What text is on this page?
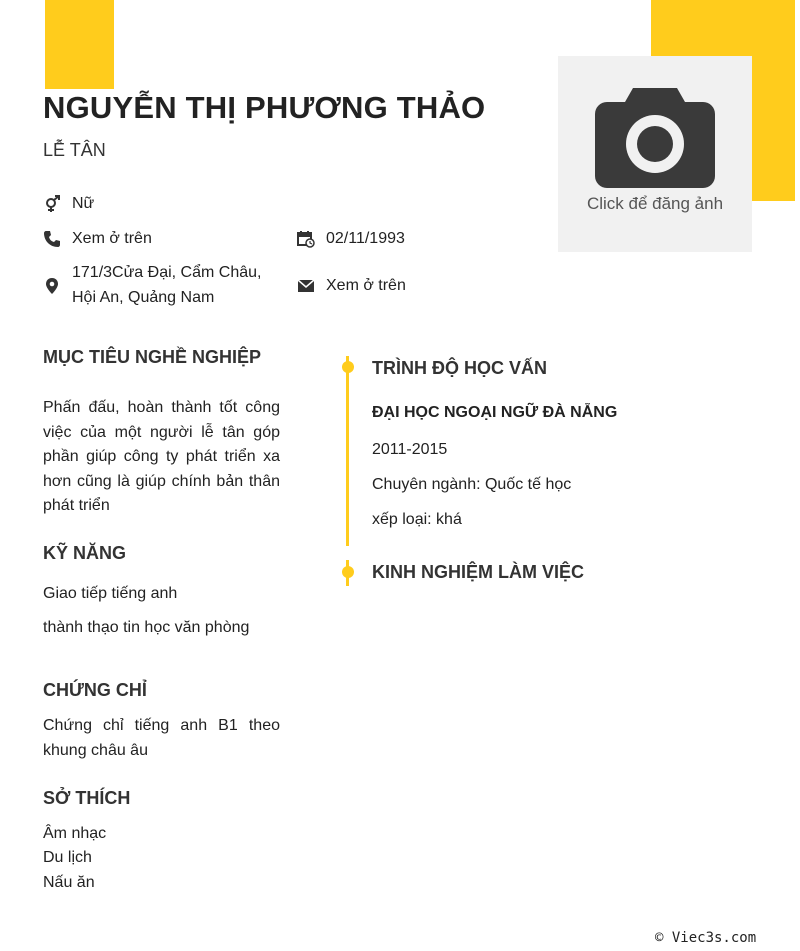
Click để đăng ảnh
NGUYỄN THỊ PHƯƠNG THẢO
LỄ TÂN
Nữ
Xem ở trên	02/11/1993
171/3Cửa Đại, Cẩm Châu,
Hội An, Quảng Nam
Xem ở trên
MỤC TIÊU NGHỀ NGHIỆP
Phấn đấu, hoàn thành tốt công việc của một người lễ tân góp phần giúp công ty phát triển xa hơn cũng là giúp chính bản thân phát triển
KỸ NĂNG
Giao tiếp tiếng anh
thành thạo tin học văn phòng
CHỨNG CHỈ
Chứng chỉ tiếng anh B1 theo khung châu âu
SỞ THÍCH
Âm nhạc
Du lịch
Nấu ăn
TRÌNH ĐỘ HỌC VẤN
ĐẠI HỌC NGOẠI NGỮ ĐÀ NẴNG
2011-2015
Chuyên ngành: Quốc tế học
xếp loại: khá
KINH NGHIỆM LÀM VIỆC
© Viec3s.com
